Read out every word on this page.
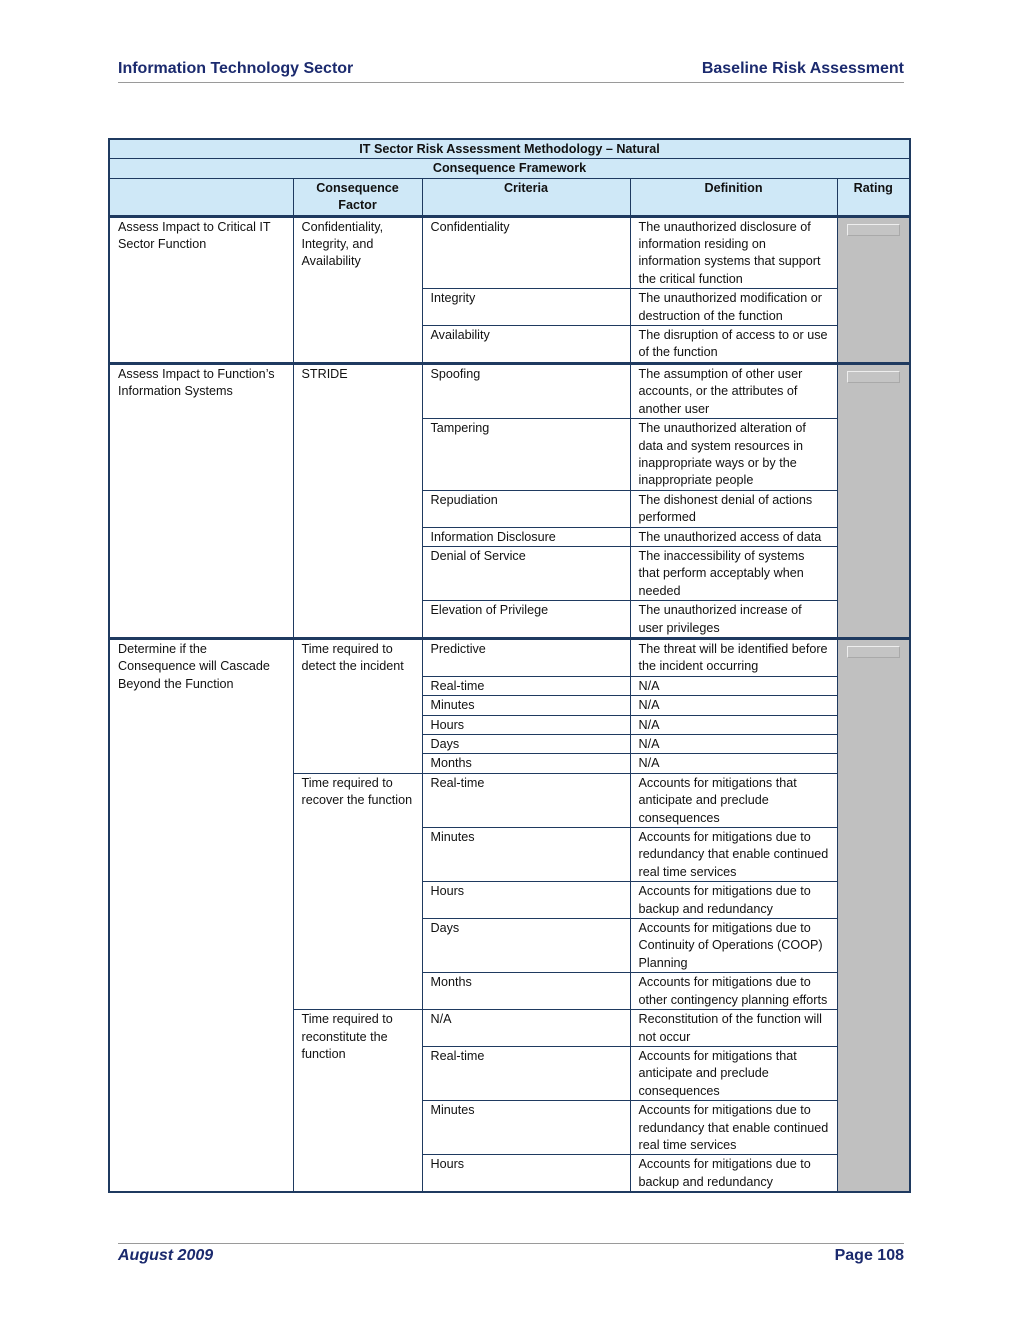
Information Technology Sector	Baseline Risk Assessment
IT Sector Risk Assessment Methodology – Natural				
Consequence Framework				
	Consequence Factor	Criteria	Definition	Rating
Assess Impact to Critical IT Sector Function	Confidentiality, Integrity, and Availability	Confidentiality	The unauthorized disclosure of information residing on information systems that support the critical function	

		Integrity	The unauthorized modification or destruction of the function	
		Availability	The disruption of access to or use of the function	
Assess Impact to Function’s Information Systems	STRIDE	Spoofing	The assumption of other user accounts, or the attributes of another user	

		Tampering	The unauthorized alteration of data and system resources in inappropriate ways or by the inappropriate people	
		Repudiation	The dishonest denial of actions performed	
		Information Disclosure	The unauthorized access of data	
		Denial of Service	The inaccessibility of systems that perform acceptably when needed	
		Elevation of Privilege	The unauthorized increase of user privileges	
Determine if the Consequence will Cascade Beyond the Function	Time required to detect the incident	Predictive	The threat will be identified before the incident occurring	

		Real-time	N/A	
		Minutes	N/A	
		Hours	N/A	
		Days	N/A	
		Months	N/A	
	Time required to recover the function	Real-time	Accounts for mitigations that anticipate and preclude consequences	
		Minutes	Accounts for mitigations due to redundancy that enable continued real time services	
		Hours	Accounts for mitigations due to backup and redundancy	
		Days	Accounts for mitigations due to Continuity of Operations (COOP) Planning	
		Months	Accounts for mitigations due to other contingency planning efforts	
	Time required to reconstitute the function	N/A	Reconstitution of the function will not occur	
		Real-time	Accounts for mitigations that anticipate and preclude consequences	
		Minutes	Accounts for mitigations due to redundancy that enable continued real time services	
		Hours	Accounts for mitigations due to backup and redundancy	
August 2009	Page 108
